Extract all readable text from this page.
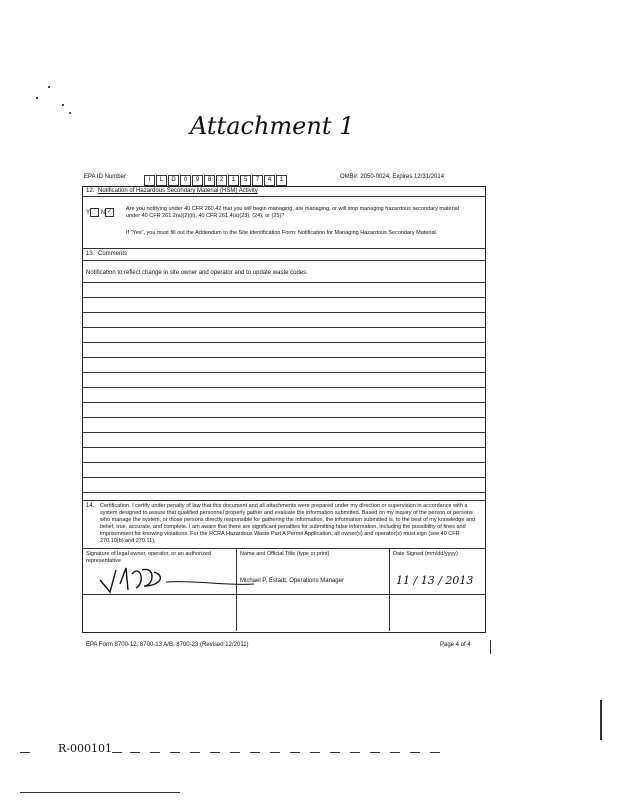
Attachment 1
EPA ID Number
I L D 0 9 8 2 1 5 7 4 1
OMB#: 2050-0024; Expires 12/31/2014
12. Notification of Hazardous Secondary Material (HSM) Activity
Y N ✓	Are you notifying under 40 CFR 260.42 that you will begin managing, are managing, or will stop managing hazardous secondary material under 40 CFR 261.2(a)(2)(ii), 40 CFR 261.4(a)(23), (24), or (25)?
If "Yes", you must fill out the Addendum to the Site Identification Form: Notification for Managing Hazardous Secondary Material.
13. Comments
Notification to reflect change in site owner and operator and to update waste codes.
14. Certification. I certify under penalty of law that this document and all attachments were prepared under my direction or supervision in accordance with a system designed to assure that qualified personnel properly gather and evaluate the information submitted. Based on my inquiry of the person or persons who manage the system, or those persons directly responsible for gathering the information, the information submitted is, to the best of my knowledge and belief, true, accurate, and complete. I am aware that there are significant penalties for submitting false information, including the possibility of fines and imprisonment for knowing violations. For the RCRA Hazardous Waste Part A Permit Application, all owner(s) and operator(s) must sign (see 40 CFR 270.10(b) and 270.11).
Signature of legal owner, operator, or an authorized representative
Name and Official Title (type or print)	Date Signed (mm/dd/yyyy)
Michael P. Estadt, Operations Manager	11 / 13 / 2013
EPA Form 8700-12, 8700-13 A/B, 8700-23 (Revised 12/2011)	Page 4 of 4
R-000101
